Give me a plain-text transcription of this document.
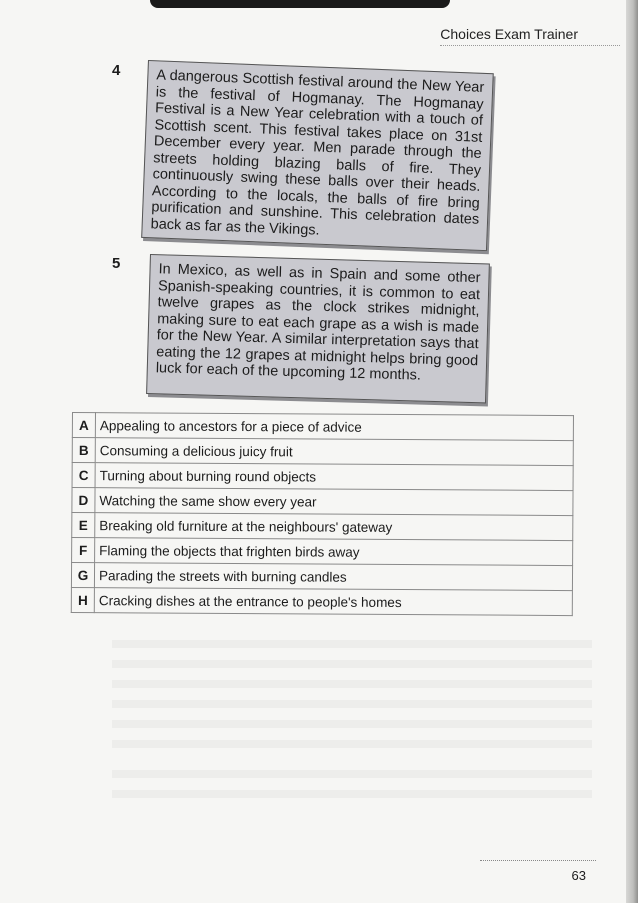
Choices Exam Trainer
4	A dangerous Scottish festival around the New Year is the festival of Hogmanay. The Hogmanay Festival is a New Year celebration with a touch of Scottish scent. This festival takes place on 31st December every year. Men parade through the streets holding blazing balls of fire. They continuously swing these balls over their heads. According to the locals, the balls of fire bring purification and sunshine. This celebration dates back as far as the Vikings.
5	In Mexico, as well as in Spain and some other Spanish-speaking countries, it is common to eat twelve grapes as the clock strikes midnight, making sure to eat each grape as a wish is made for the New Year. A similar interpretation says that eating the 12 grapes at midnight helps bring good luck for each of the upcoming 12 months.
A	Appealing to ancestors for a piece of advice
B	Consuming a delicious juicy fruit
C	Turning about burning round objects
D	Watching the same show every year
E	Breaking old furniture at the neighbours' gateway
F	Flaming the objects that frighten birds away
G	Parading the streets with burning candles
H	Cracking dishes at the entrance to people's homes
63
